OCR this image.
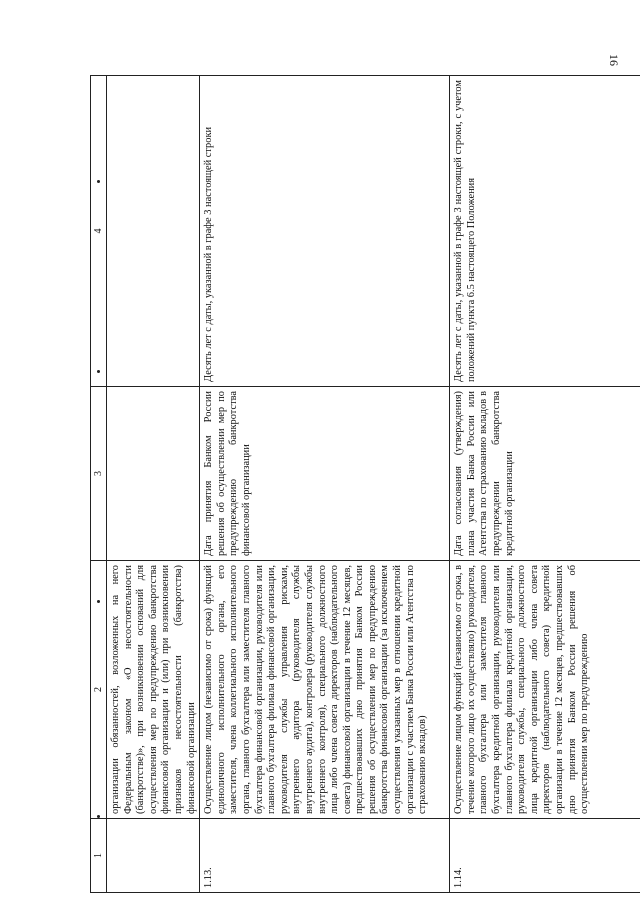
16
1	2	3	4
	организации обязанностей, возложенных на него Федеральным законом «О несостоятельности (банкротстве)», при возникновении оснований для осуществления мер по предупреждению банкротства финансовой организации и (или) при возникновении признаков несостоятельности (банкротства) финансовой организации		
1.13.	Осуществление лицом (независимо от срока) функций единоличного исполнительного органа, его заместителя, члена коллегиального исполнительного органа, главного бухгалтера или заместителя главного бухгалтера финансовой организации, руководителя или главного бухгалтера филиала финансовой организации, руководителя службы управления рисками, внутреннего аудитора (руководителя службы внутреннего аудита), контролера (руководителя службы внутреннего контроля), специального должностного лица либо члена совета директоров (наблюдательного совета) финансовой организации в течение 12 месяцев, предшествовавших дню принятия Банком России решения об осуществлении мер по предупреждению банкротства финансовой организации (за исключением осуществления указанных мер в отношении кредитной организации с участием Банка России или Агентства по страхованию вкладов)	Дата принятия Банком России решения об осуществлении мер по предупреждению банкротства финансовой организации	Десять лет с даты, указанной в графе 3 настоящей строки
1.14.	Осуществление лицом функций (независимо от срока, в течение которого лицо их осуществляло) руководителя, главного бухгалтера или заместителя главного бухгалтера кредитной организации, руководителя или главного бухгалтера филиала кредитной организации, руководителя службы, специального должностного лица кредитной организации либо члена совета директоров (наблюдательного совета) кредитной организации в течение 12 месяцев, предшествовавших дню принятия Банком России решения об осуществлении мер по предупреждению	Дата согласования (утверждения) плана участия Банка России или Агентства по страхованию вкладов в предупреждении банкротства кредитной организации	Десять лет с даты, указанной в графе 3 настоящей строки, с учетом положений пункта 6.5 настоящего Положения
